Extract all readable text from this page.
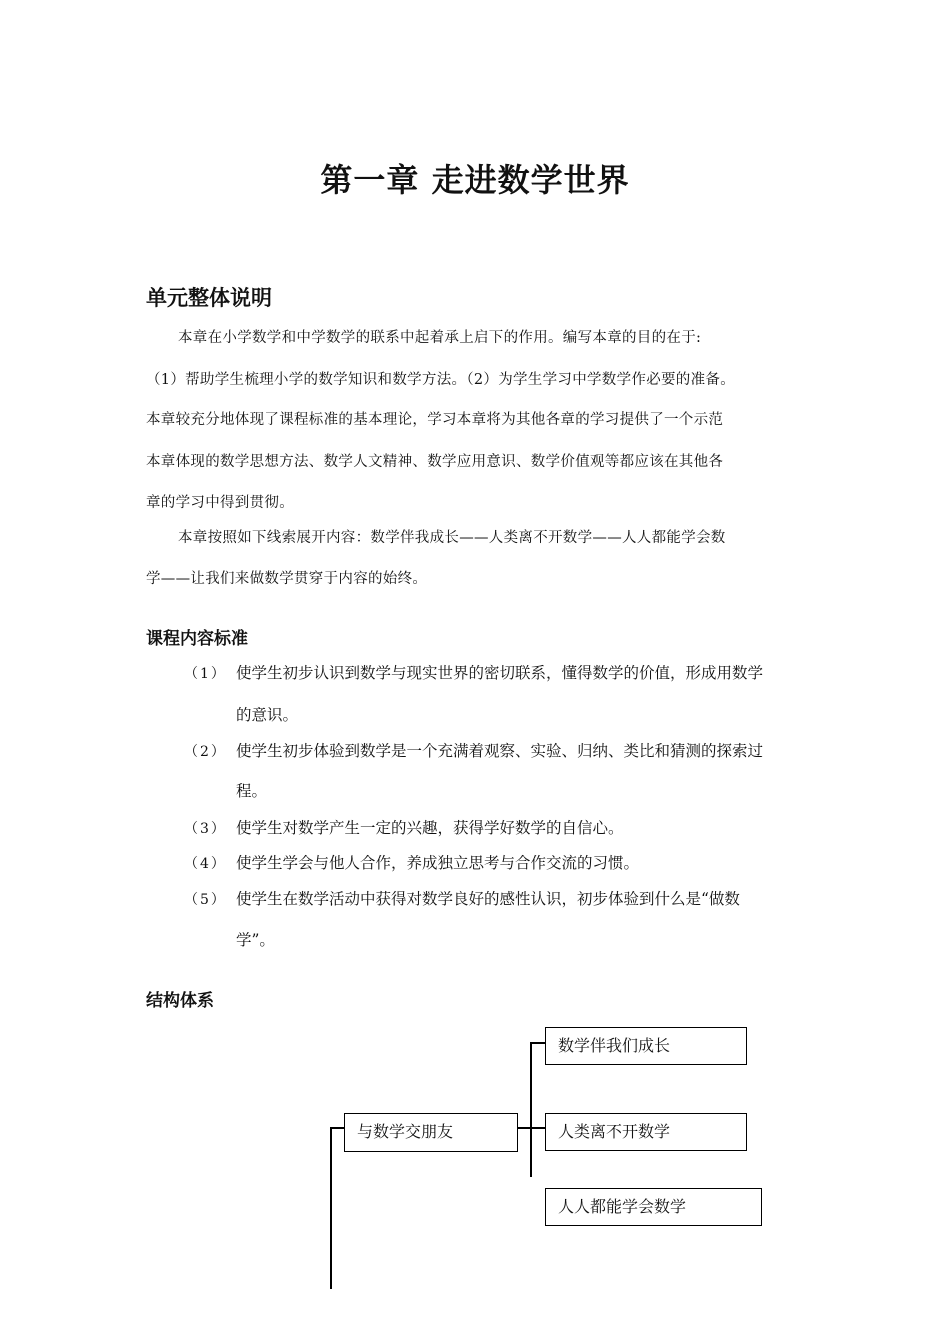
第一章 走进数学世界
单元整体说明
本章在小学数学和中学数学的联系中起着承上启下的作用。编写本章的目的在于:
（1）帮助学生梳理小学的数学知识和数学方法。（2）为学生学习中学数学作必要的准备。
本章较充分地体现了课程标准的基本理论，学习本章将为其他各章的学习提供了一个示范
本章体现的数学思想方法、数学人文精神、数学应用意识、数学价值观等都应该在其他各
章的学习中得到贯彻。
本章按照如下线索展开内容：数学伴我成长——人类离不开数学——人人都能学会数
学——让我们来做数学贯穿于内容的始终。
课程内容标准
（1） 使学生初步认识到数学与现实世界的密切联系，懂得数学的价值，形成用数学
的意识。
（2） 使学生初步体验到数学是一个充满着观察、实验、归纳、类比和猜测的探索过
程。
（3） 使学生对数学产生一定的兴趣，获得学好数学的自信心。
（4） 使学生学会与他人合作，养成独立思考与合作交流的习惯。
（5） 使学生在数学活动中获得对数学良好的感性认识，初步体验到什么是“做数
学”。
结构体系
与数学交朋友
数学伴我们成长
人类离不开数学
人人都能学会数学
